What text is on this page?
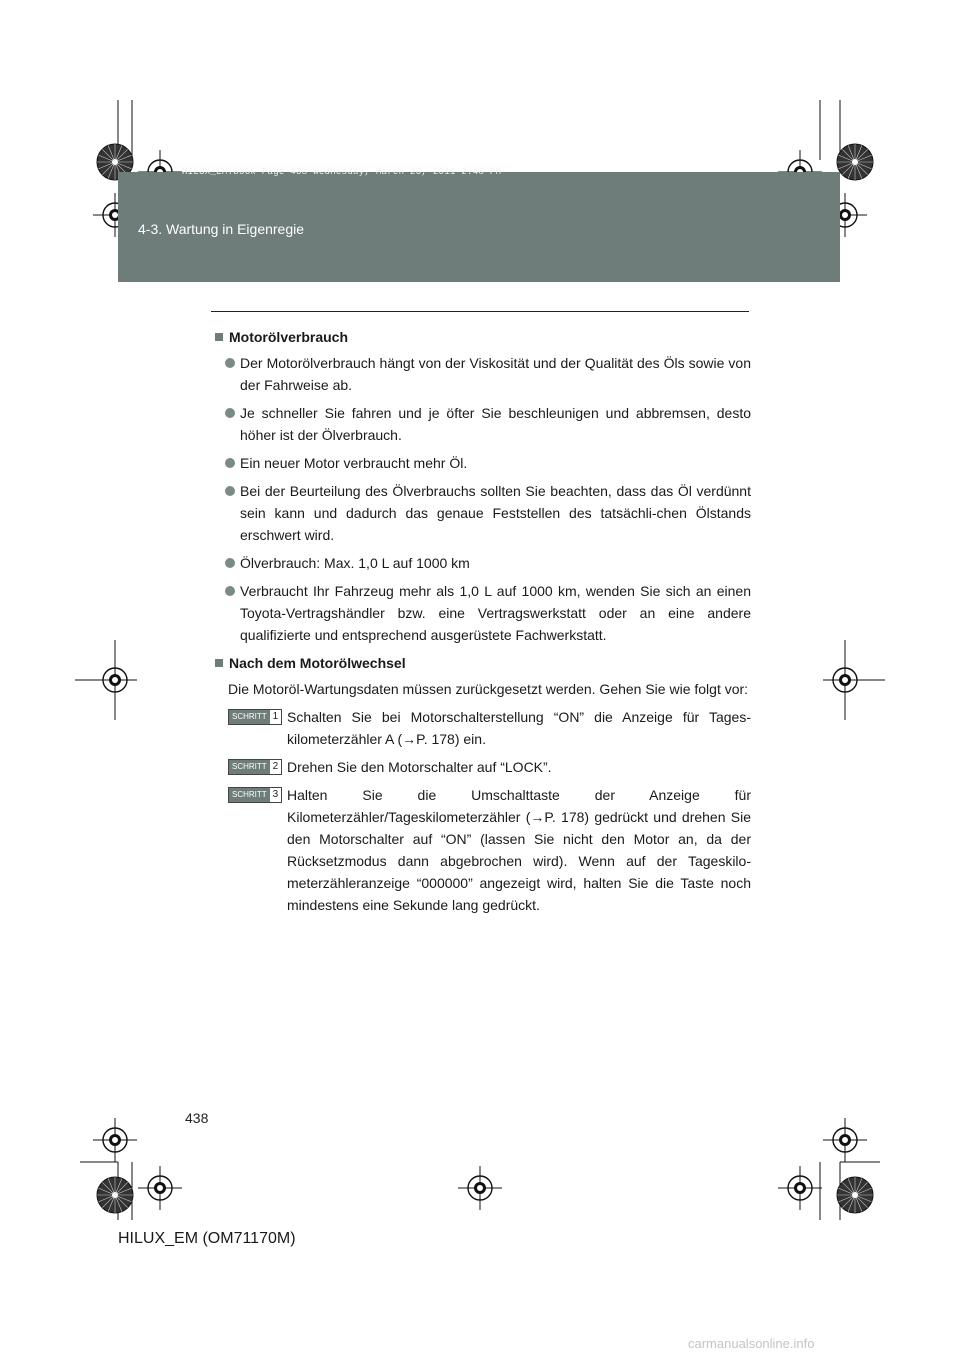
HILUX_EM.book Page 438 Wednesday, March 23, 2011 2:48 PM
4-3. Wartung in Eigenregie
Motorölverbrauch
Der Motorölverbrauch hängt von der Viskosität und der Qualität des Öls sowie von der Fahrweise ab.
Je schneller Sie fahren und je öfter Sie beschleunigen und abbremsen, desto höher ist der Ölverbrauch.
Ein neuer Motor verbraucht mehr Öl.
Bei der Beurteilung des Ölverbrauchs sollten Sie beachten, dass das Öl verdünnt sein kann und dadurch das genaue Feststellen des tatsächli-chen Ölstands erschwert wird.
Ölverbrauch: Max. 1,0 L auf 1000 km
Verbraucht Ihr Fahrzeug mehr als 1,0 L auf 1000 km, wenden Sie sich an einen Toyota-Vertragshändler bzw. eine Vertragswerkstatt oder an eine andere qualifizierte und entsprechend ausgerüstete Fachwerkstatt.
Nach dem Motorölwechsel
Die Motoröl-Wartungsdaten müssen zurückgesetzt werden. Gehen Sie wie folgt vor:
SCHRITT 1 Schalten Sie bei Motorschalterstellung “ON” die Anzeige für Tages-kilometerzähler A (→P. 178) ein.
SCHRITT 2 Drehen Sie den Motorschalter auf “LOCK”.
SCHRITT 3 Halten Sie die Umschalttaste der Anzeige für Kilometerzähler/Tageskilometerzähler (→P. 178) gedrückt und drehen Sie den Motorschalter auf “ON” (lassen Sie nicht den Motor an, da der Rücksetzmodus dann abgebrochen wird). Wenn auf der Tageskilo-meterzähleranzeige “000000” angezeigt wird, halten Sie die Taste noch mindestens eine Sekunde lang gedrückt.
438
HILUX_EM (OM71170M)
carmanualsonline.info
